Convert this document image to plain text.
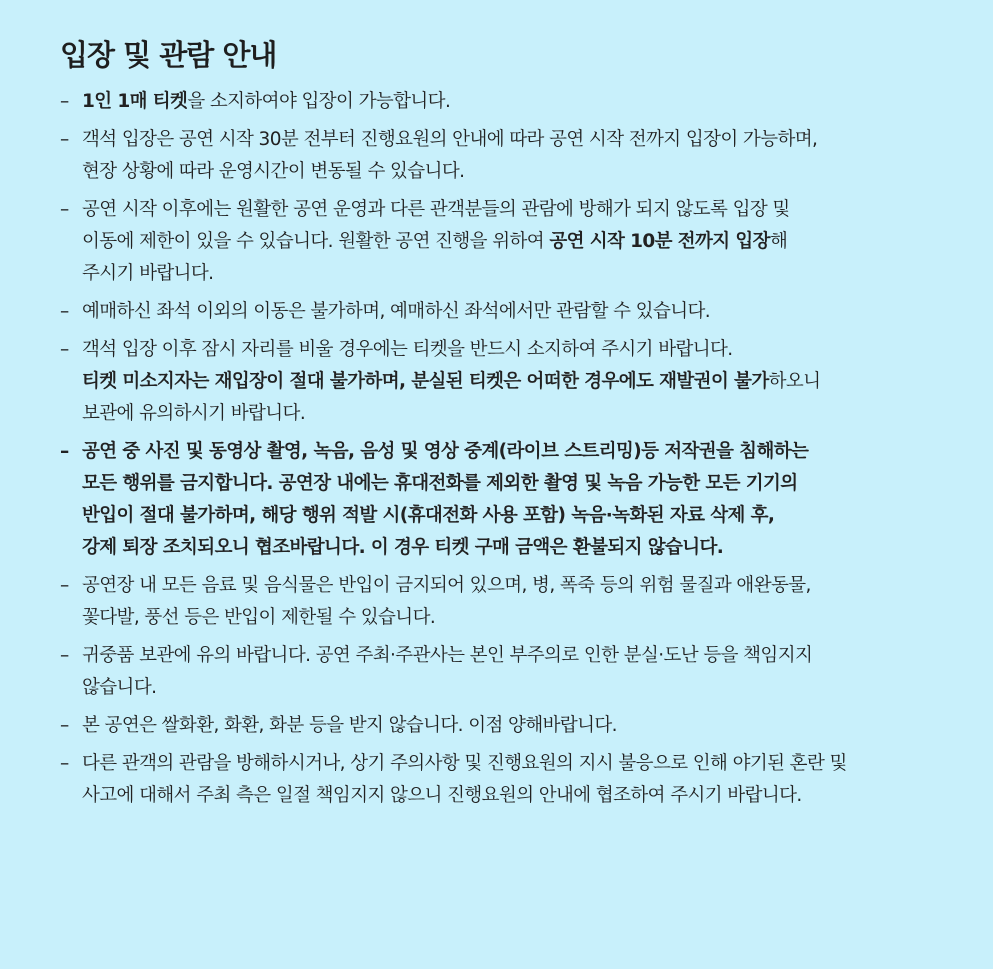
입장 및 관람 안내
– 1인 1매 티켓을 소지하여야 입장이 가능합니다.
– 객석 입장은 공연 시작 30분 전부터 진행요원의 안내에 따라 공연 시작 전까지 입장이 가능하며,
현장 상황에 따라 운영시간이 변동될 수 있습니다.
– 공연 시작 이후에는 원활한 공연 운영과 다른 관객분들의 관람에 방해가 되지 않도록 입장 및
이동에 제한이 있을 수 있습니다. 원활한 공연 진행을 위하여 공연 시작 10분 전까지 입장해
주시기 바랍니다.
– 예매하신 좌석 이외의 이동은 불가하며, 예매하신 좌석에서만 관람할 수 있습니다.
– 객석 입장 이후 잠시 자리를 비울 경우에는 티켓을 반드시 소지하여 주시기 바랍니다.
티켓 미소지자는 재입장이 절대 불가하며, 분실된 티켓은 어떠한 경우에도 재발권이 불가하오니
보관에 유의하시기 바랍니다.
– 공연 중 사진 및 동영상 촬영, 녹음, 음성 및 영상 중계(라이브 스트리밍)등 저작권을 침해하는
모든 행위를 금지합니다. 공연장 내에는 휴대전화를 제외한 촬영 및 녹음 가능한 모든 기기의
반입이 절대 불가하며, 해당 행위 적발 시(휴대전화 사용 포함) 녹음·녹화된 자료 삭제 후,
강제 퇴장 조치되오니 협조바랍니다. 이 경우 티켓 구매 금액은 환불되지 않습니다.
– 공연장 내 모든 음료 및 음식물은 반입이 금지되어 있으며, 병, 폭죽 등의 위험 물질과 애완동물,
꽃다발, 풍선 등은 반입이 제한될 수 있습니다.
– 귀중품 보관에 유의 바랍니다. 공연 주최·주관사는 본인 부주의로 인한 분실·도난 등을 책임지지
않습니다.
– 본 공연은 쌀화환, 화환, 화분 등을 받지 않습니다. 이점 양해바랍니다.
– 다른 관객의 관람을 방해하시거나, 상기 주의사항 및 진행요원의 지시 불응으로 인해 야기된 혼란 및
사고에 대해서 주최 측은 일절 책임지지 않으니 진행요원의 안내에 협조하여 주시기 바랍니다.
